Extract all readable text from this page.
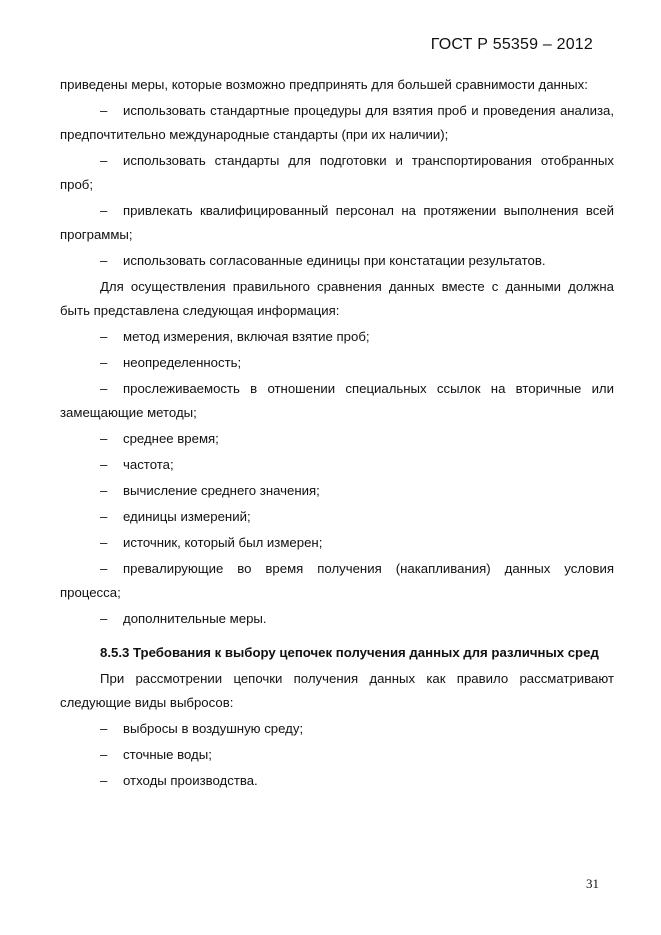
ГОСТ Р 55359 – 2012

приведены меры, которые возможно предпринять для большей сравнимости данных:

–	использовать стандартные процедуры для взятия проб и проведения анализа, предпочтительно международные стандарты (при их наличии);
–	использовать стандарты для подготовки и транспортирования отобранных проб;
–	привлекать квалифицированный персонал на протяжении выполнения всей программы;
–	использовать согласованные единицы при констатации результатов.

Для осуществления правильного сравнения данных вместе с данными должна быть представлена следующая информация:

–	метод измерения, включая взятие проб;
–	неопределенность;
–	прослеживаемость в отношении специальных ссылок на вторичные или замещающие методы;
–	среднее время;
–	частота;
–	вычисление среднего значения;
–	единицы измерений;
–	источник, который был измерен;
–	превалирующие во время получения (накапливания) данных условия процесса;
–	дополнительные меры.

8.5.3 Требования к выбору цепочек получения данных для различных сред

При рассмотрении цепочки получения данных как правило рассматривают следующие виды выбросов:

–	выбросы в воздушную среду;
–	сточные воды;
–	отходы производства.
31
